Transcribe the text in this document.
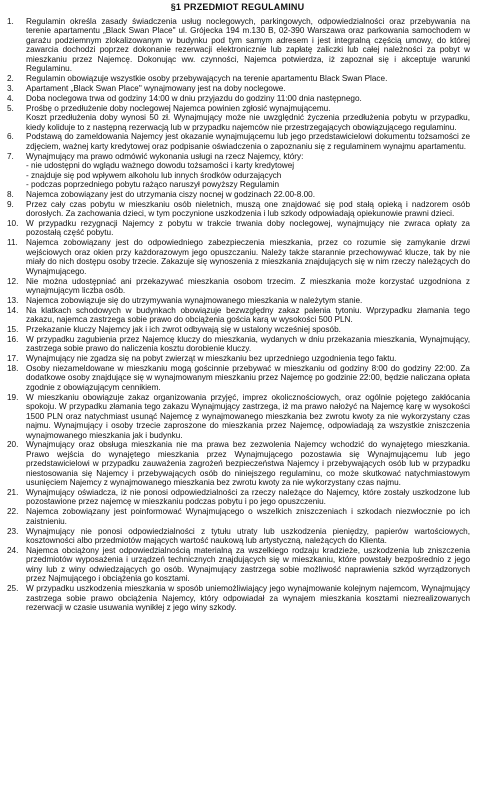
§1 PRZEDMIOT REGULAMINU
1.	Regulamin określa zasady świadczenia usług noclegowych, parkingowych, odpowiedzialności oraz przebywania na terenie apartamentu „Black Swan Place" ul. Grójecka 194 m.130 B, 02-390 Warszawa oraz parkowania samochodem w garażu podziemnym zlokalizowanym w budynku pod tym samym adresem i jest integralną częścią umowy, do której zawarcia dochodzi poprzez dokonanie rezerwacji elektronicznie lub zapłatę zaliczki lub całej należności za pobyt w mieszkaniu przez Najemcę. Dokonując ww. czynności, Najemca potwierdza, iż zapoznał się i akceptuje warunki Regulaminu.

2.	Regulamin obowiązuje wszystkie osoby przebywających na terenie apartamentu Black Swan Place.

3.	Apartament „Black Swan Place" wynajmowany jest na doby noclegowe.

4.	Doba noclegowa trwa od godziny 14:00 w dniu przyjazdu do godziny 11:00 dnia następnego.

5.	Prośbę o przedłużenie doby noclegowej Najemca powinien zgłosić wynajmującemu.

Koszt przedłużenia doby wynosi 50 zł. Wynajmujący może nie uwzględnić życzenia przedłużenia pobytu w przypadku, kiedy koliduje to z następną rezerwacją lub w przypadku najemców nie przestrzegających obowiązującego regulaminu.

6.	Podstawą do zameldowania Najemcy jest okazanie wynajmującemu lub jego przedstawicielowi dokumentu tożsamości ze zdjęciem, ważnej karty kredytowej oraz podpisanie oświadczenia o zapoznaniu się z regulaminem wynajmu apartamentu.

7.	Wynajmujący ma prawo odmówić wykonania usługi na rzecz Najemcy, który:

- nie udostępni do wglądu ważnego dowodu tożsamości i karty kredytowej

- znajduje się pod wpływem alkoholu lub innych środków odurzających

- podczas poprzedniego pobytu rażąco naruszył powyższy Regulamin

8.	Najemca zobowiązany jest do utrzymania ciszy nocnej w godzinach 22.00-8.00.

9.	Przez cały czas pobytu w mieszkaniu osób nieletnich, muszą one znajdować się pod stałą opieką i nadzorem osób dorosłych. Za zachowania dzieci, w tym poczynione uszkodzenia i lub szkody odpowiadają opiekunowie prawni dzieci.

10. W przypadku rezygnacji Najemcy z pobytu w trakcie trwania doby noclegowej, wynajmujący nie zwraca opłaty za pozostałą część pobytu.

11.	Najemca zobowiązany jest do odpowiedniego zabezpieczenia mieszkania, przez co rozumie się zamykanie drzwi wejściowych oraz okien przy każdorazowym jego opuszczaniu. Należy także starannie przechowywać klucze, tak by nie miały do nich dostępu osoby trzecie. Zakazuje się wynoszenia z mieszkania znajdujących się w nim rzeczy należących do Wynajmującego.

12. Nie można udostępniać ani przekazywać mieszkania osobom trzecim. Z mieszkania może korzystać uzgodniona z wynajmującym liczba osób.

13. Najemca zobowiązuje się do utrzymywania wynajmowanego mieszkania w należytym stanie.

14. Na klatkach schodowych w budynkach obowiązuje bezwzględny zakaz palenia tytoniu. Wprzypadku złamania tego zakazu, najemca zastrzega sobie prawo do obciążenia gościa karą w wysokości 500 PLN.

15. Przekazanie kluczy Najemcy jak i ich zwrot odbywają się w ustalony wcześniej sposób.

16. W przypadku zagubienia przez Najemcę kluczy do mieszkania, wydanych w dniu przekazania mieszkania, Wynajmujący, zastrzega sobie prawo do naliczenia kosztu dorobienie kluczy.

17. Wynajmujący nie zgadza się na pobyt zwierząt w mieszkaniu bez uprzedniego uzgodnienia tego faktu.

18. Osoby niezameldowane w mieszkaniu mogą gościnnie przebywać w mieszkaniu od godziny 8:00 do godziny 22:00. Za dodatkowe osoby znajdujące się w wynajmowanym mieszkaniu przez Najemcę po godzinie 22:00, będzie naliczana opłata zgodnie z obowiązującym cennikiem.

19. W mieszkaniu obowiązuje zakaz organizowania przyjęć, imprez okolicznościowych, oraz ogólnie pojętego zakłócania spokoju. W przypadku złamania tego zakazu Wynajmujący zastrzega, iż ma prawo nałożyć na Najemcę karę w wysokości 1500 PLN oraz natychmiast usunąć Najemcę z wynajmowanego mieszkania bez zwrotu kwoty za nie wykorzystany czas najmu. Wynajmujący i osoby trzecie zaproszone do mieszkania przez Najemcę, odpowiadają za wszystkie zniszczenia wynajmowanego mieszkania jak i budynku.

20. Wynajmujący oraz obsługa mieszkania nie ma prawa bez zezwolenia Najemcy wchodzić do wynajętego mieszkania. Prawo wejścia do wynajętego mieszkania przez Wynajmującego pozostawia się Wynajmującemu lub jego przedstawicielowi w przypadku zauważenia zagrożeń bezpieczeństwa Najemcy i przebywających osób lub w przypadku niestosowania się Najemcy i przebywających osób do niniejszego regulaminu, co może skutkować natychmiastowym usunięciem Najemcy z wynajmowanego mieszkania bez zwrotu kwoty za nie wykorzystany czas najmu.

21. Wynajmujący oświadcza, iż nie ponosi odpowiedzialności za rzeczy należące do Najemcy, które zostały uszkodzone lub pozostawione przez najemcę w mieszkaniu podczas pobytu i po jego opuszczeniu.

22. Najemca zobowiązany jest poinformować Wynajmującego o wszelkich zniszczeniach i szkodach niezwłocznie po ich zaistnieniu.

23. Wynajmujący nie ponosi odpowiedzialności z tytułu utraty lub uszkodzenia pieniędzy, papierów wartościowych, kosztowności albo przedmiotów mających wartość naukową lub artystyczną, należących do Klienta.

24. Najemca obciążony jest odpowiedzialnością materialną za wszelkiego rodzaju kradzieże, uszkodzenia lub zniszczenia przedmiotów wyposażenia i urządzeń technicznych znajdujących się w mieszkaniu, które powstały bezpośrednio z jego winy lub z winy odwiedzających go osób. Wynajmujący zastrzega sobie możliwość naprawienia szkód wyrządzonych przez Najmującego i obciążenia go kosztami.

25. W przypadku uszkodzenia mieszkania w sposób uniemożliwiający jego wynajmowanie kolejnym najemcom, Wynajmujący zastrzega sobie prawo obciążenia Najemcy, który odpowiadał za wynajem mieszkania kosztami niezrealizowanych rezerwacji w czasie usuwania wynikłej z jego winy szkody.
